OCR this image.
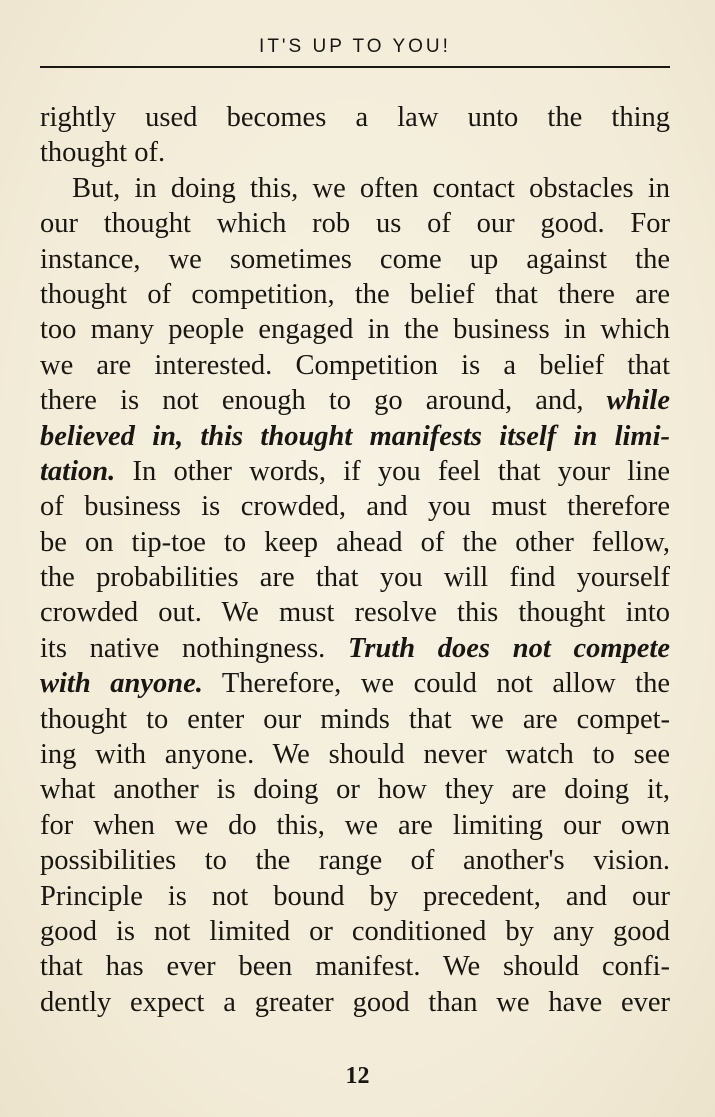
IT'S UP TO YOU!
rightly used becomes a law unto the thing
thought of.
But, in doing this, we often contact obstacles in
our thought which rob us of our good. For
instance, we sometimes come up against the
thought of competition, the belief that there are
too many people engaged in the business in which
we are interested. Competition is a belief that
there is not enough to go around, and, while
believed in, this thought manifests itself in limi-
tation. In other words, if you feel that your line
of business is crowded, and you must therefore
be on tip-toe to keep ahead of the other fellow,
the probabilities are that you will find yourself
crowded out. We must resolve this thought into
its native nothingness. Truth does not compete
with anyone. Therefore, we could not allow the
thought to enter our minds that we are compet-
ing with anyone. We should never watch to see
what another is doing or how they are doing it,
for when we do this, we are limiting our own
possibilities to the range of another's vision.
Principle is not bound by precedent, and our
good is not limited or conditioned by any good
that has ever been manifest. We should confi-
dently expect a greater good than we have ever
12
